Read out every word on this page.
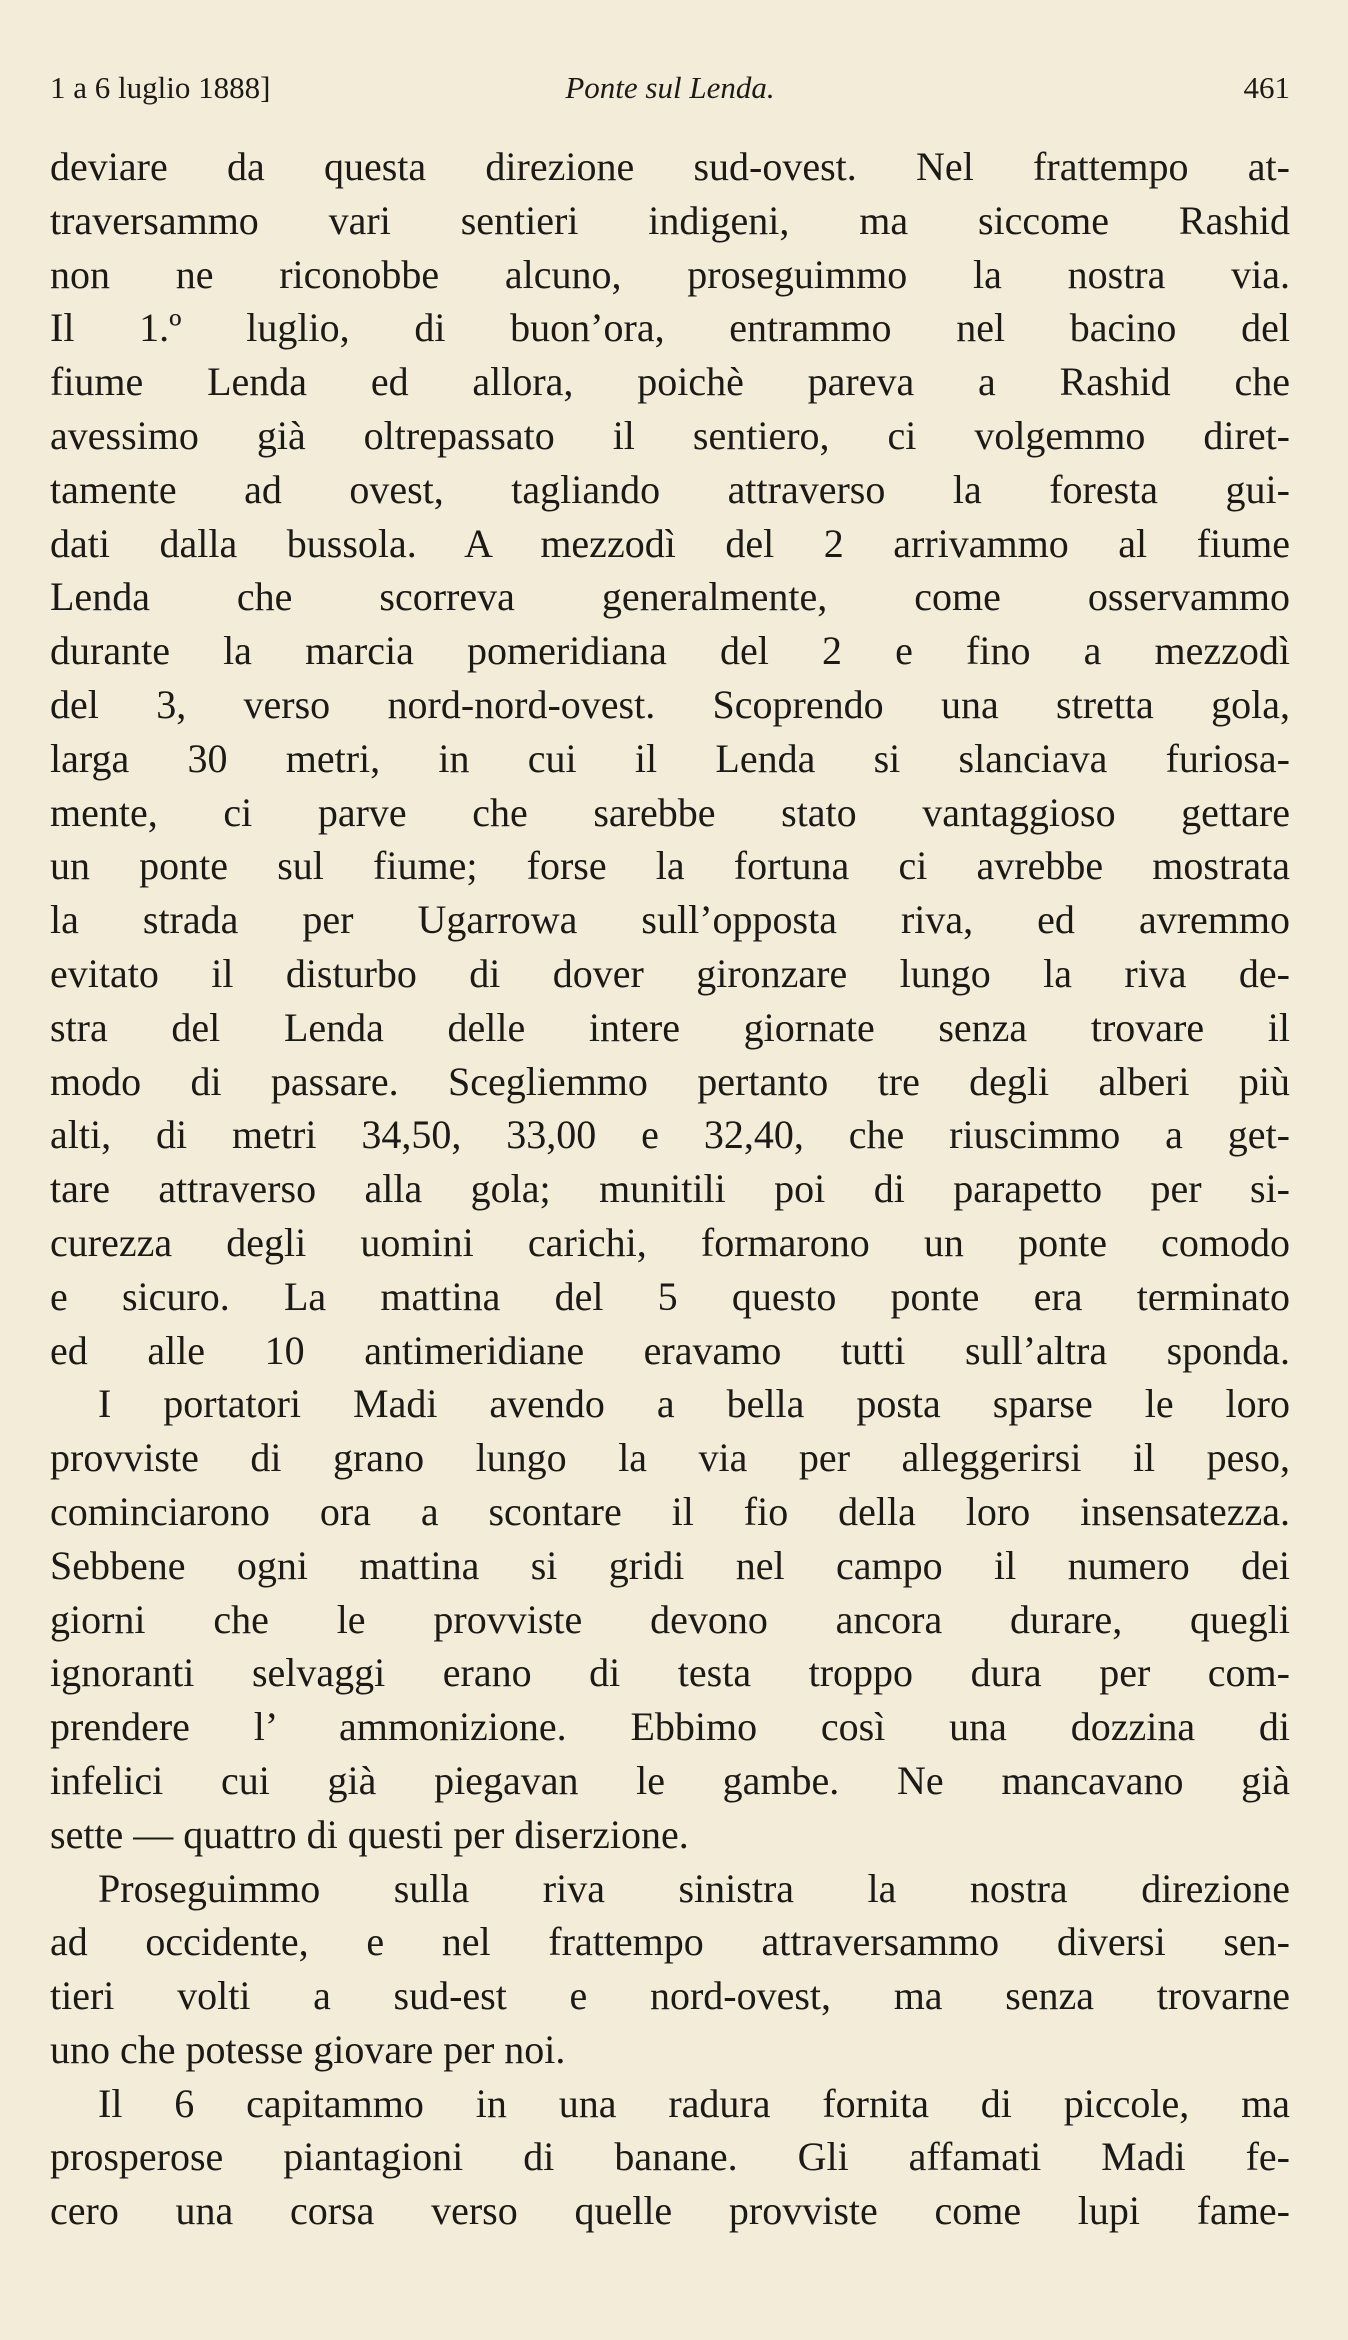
1 a 6 luglio 1888]	Ponte sul Lenda.	461
deviare da questa direzione sud-ovest. Nel frattempo at-
traversammo vari sentieri indigeni, ma siccome Rashid
non ne riconobbe alcuno, proseguimmo la nostra via.
Il 1.º luglio, di buon’ora, entrammo nel bacino del
fiume Lenda ed allora, poichè pareva a Rashid che
avessimo già oltrepassato il sentiero, ci volgemmo diret-
tamente ad ovest, tagliando attraverso la foresta gui-
dati dalla bussola. A mezzodì del 2 arrivammo al fiume
Lenda che scorreva generalmente, come osservammo
durante la marcia pomeridiana del 2 e fino a mezzodì
del 3, verso nord-nord-ovest. Scoprendo una stretta gola,
larga 30 metri, in cui il Lenda si slanciava furiosa-
mente, ci parve che sarebbe stato vantaggioso gettare
un ponte sul fiume; forse la fortuna ci avrebbe mostrata
la strada per Ugarrowa sull’opposta riva, ed avremmo
evitato il disturbo di dover gironzare lungo la riva de-
stra del Lenda delle intere giornate senza trovare il
modo di passare. Scegliemmo pertanto tre degli alberi più
alti, di metri 34,50, 33,00 e 32,40, che riuscimmo a get-
tare attraverso alla gola; munitili poi di parapetto per si-
curezza degli uomini carichi, formarono un ponte comodo
e sicuro. La mattina del 5 questo ponte era terminato
ed alle 10 antimeridiane eravamo tutti sull’altra sponda.
I portatori Madi avendo a bella posta sparse le loro
provviste di grano lungo la via per alleggerirsi il peso,
cominciarono ora a scontare il fio della loro insensatezza.
Sebbene ogni mattina si gridi nel campo il numero dei
giorni che le provviste devono ancora durare, quegli
ignoranti selvaggi erano di testa troppo dura per com-
prendere l’ ammonizione. Ebbimo così una dozzina di
infelici cui già piegavan le gambe. Ne mancavano già
sette — quattro di questi per diserzione.
Proseguimmo sulla riva sinistra la nostra direzione
ad occidente, e nel frattempo attraversammo diversi sen-
tieri volti a sud-est e nord-ovest, ma senza trovarne
uno che potesse giovare per noi.
Il 6 capitammo in una radura fornita di piccole, ma
prosperose piantagioni di banane. Gli affamati Madi fe-
cero una corsa verso quelle provviste come lupi fame-
